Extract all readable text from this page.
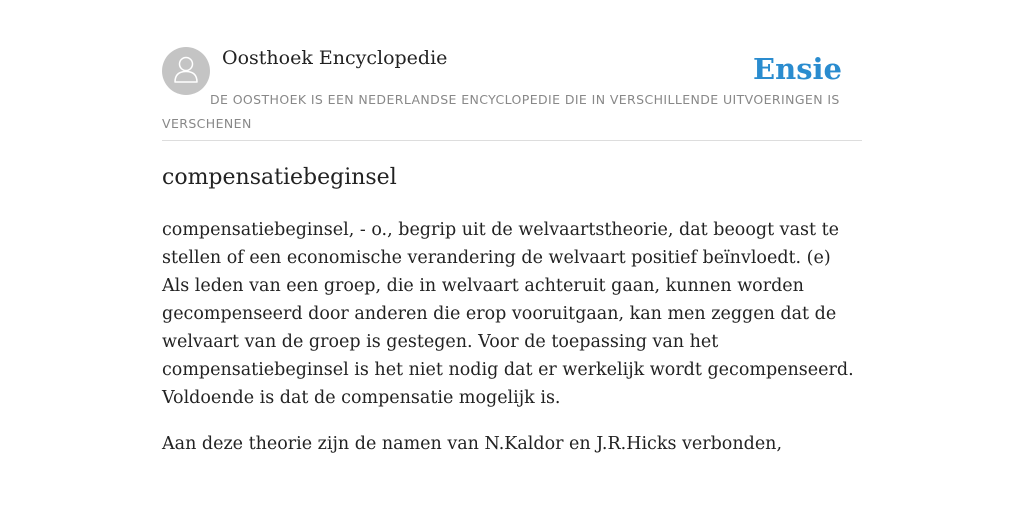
Oosthoek Encyclopedie	Ensie
DE OOSTHOEK IS EEN NEDERLANDSE ENCYCLOPEDIE DIE IN VERSCHILLENDE UITVOERINGEN IS VERSCHENEN
compensatiebeginsel

compensatiebeginsel, - o., begrip uit de welvaartstheorie, dat beoogt vast te stellen of een economische verandering de welvaart positief beïnvloedt. (e) Als leden van een groep, die in welvaart achteruit gaan, kunnen worden gecompenseerd door anderen die erop vooruitgaan, kan men zeggen dat de welvaart van de groep is gestegen. Voor de toepassing van het compensatiebeginsel is het niet nodig dat er werkelijk wordt gecompenseerd. Voldoende is dat de compensatie mogelijk is.

Aan deze theorie zijn de namen van N.Kaldor en J.R.Hicks verbonden,
